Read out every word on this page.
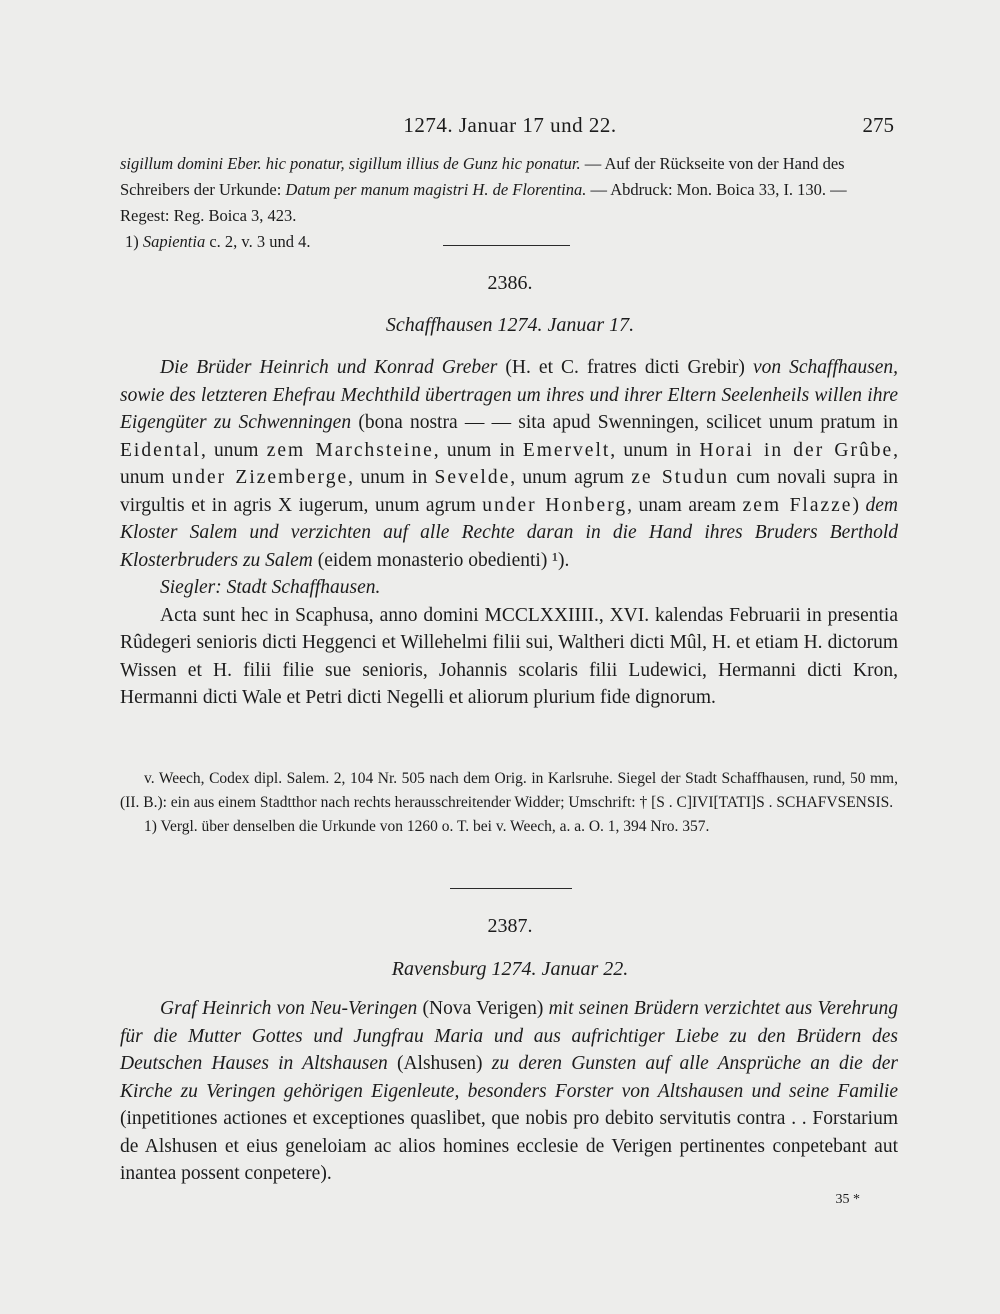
1274. Januar 17 und 22.	275

sigillum domini Eber. hic ponatur, sigillum illius de Gunz hic ponatur. — Auf der Rückseite von der Hand des

Schreibers der Urkunde: Datum per manum magistri H. de Florentina. — Abdruck: Mon. Boica 33, I. 130. —

Regest: Reg. Boica 3, 423.

1) Sapientia c. 2, v. 3 und 4.

2386.
Schaffhausen 1274. Januar 17.

Die Brüder Heinrich und Konrad Greber (H. et C. fratres dicti Grebir) von Schaffhausen, sowie des letzteren Ehefrau Mechthild übertragen um ihres und ihrer Eltern Seelenheils willen ihre Eigengüter zu Schwenningen (bona nostra — — sita apud Swenningen, scilicet unum pratum in Eidental, unum zem Marchsteine, unum in Emervelt, unum in Horai in der Grûbe, unum under Zizemberge, unum in Sevelde, unum agrum ze Studun cum novali supra in virgultis et in agris X iugerum, unum agrum under Honberg, unam aream zem Flazze) dem Kloster Salem und verzichten auf alle Rechte daran in die Hand ihres Bruders Berthold Klosterbruders zu Salem (eidem monasterio obedienti) ¹).

Siegler: Stadt Schaffhausen.

Acta sunt hec in Scaphusa, anno domini MCCLXXIIII., XVI. kalendas Februarii in presentia Rûdegeri senioris dicti Heggenci et Willehelmi filii sui, Waltheri dicti Mûl, H. et etiam H. dictorum Wissen et H. filii filie sue senioris, Johannis scolaris filii Ludewici, Hermanni dicti Kron, Hermanni dicti Wale et Petri dicti Negelli et aliorum plurium fide dignorum.

v. Weech, Codex dipl. Salem. 2, 104 Nr. 505 nach dem Orig. in Karlsruhe. Siegel der Stadt Schaffhausen, rund, 50 mm, (II. B.): ein aus einem Stadtthor nach rechts herausschreitender Widder; Umschrift: † [S . C]IVI[TATI]S . SCHAFVSENSIS.

1) Vergl. über denselben die Urkunde von 1260 o. T. bei v. Weech, a. a. O. 1, 394 Nro. 357.

2387.
Ravensburg 1274. Januar 22.

Graf Heinrich von Neu-Veringen (Nova Verigen) mit seinen Brüdern verzichtet aus Verehrung für die Mutter Gottes und Jungfrau Maria und aus aufrichtiger Liebe zu den Brüdern des Deutschen Hauses in Altshausen (Alshusen) zu deren Gunsten auf alle Ansprüche an die der Kirche zu Veringen gehörigen Eigenleute, besonders Forster von Altshausen und seine Familie (inpetitiones actiones et exceptiones quaslibet, que nobis pro debito servitutis contra . . Forstarium de Alshusen et eius geneloiam ac alios homines ecclesie de Verigen pertinentes conpetebant aut inantea possent conpetere).

35 *
